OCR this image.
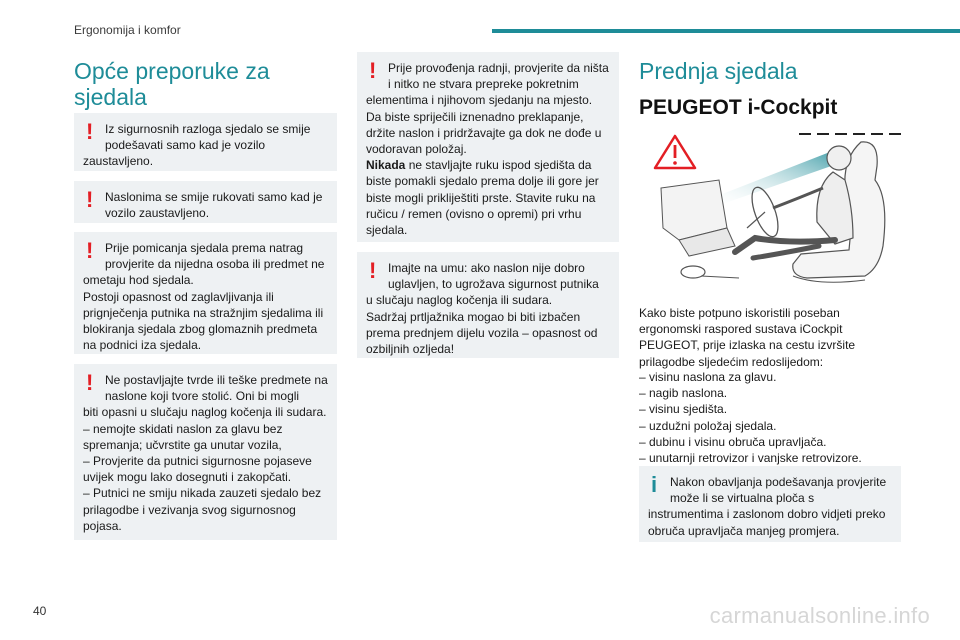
Ergonomija i komfor
Opće preporuke za sjedala
! Iz sigurnosnih razloga sjedalo se smije podešavati samo kad je vozilo

zaustavljeno.

! Naslonima se smije rukovati samo kad je vozilo zaustavljeno.

! Prije pomicanja sjedala prema natrag provjerite da nijedna osoba ili predmet ne

ometaju hod sjedala.

Postoji opasnost od zaglavljivanja ili prignječenja putnika na stražnjim sjedalima ili blokiranja sjedala zbog glomaznih predmeta na podnici iza sjedala.

! Ne postavljajte tvrde ili teške predmete na naslone koji tvore stolić. Oni bi mogli

biti opasni u slučaju naglog kočenja ili sudara.

– nemojte skidati naslon za glavu bez spremanja; učvrstite ga unutar vozila,

– Provjerite da putnici sigurnosne pojaseve uvijek mogu lako dosegnuti i zakopčati.

– Putnici ne smiju nikada zauzeti sjedalo bez prilagodbe i vezivanja svog sigurnosnog pojasa.

! Prije provođenja radnji, provjerite da ništa i nitko ne stvara prepreke pokretnim

elementima i njihovom sjedanju na mjesto.

Da biste spriječili iznenadno preklapanje, držite naslon i pridržavajte ga dok ne dođe u vodoravan položaj.

Nikada ne stavljajte ruku ispod sjedišta da biste pomakli sjedalo prema dolje ili gore jer biste mogli prikliještiti prste. Stavite ruku na ručicu / remen (ovisno o opremi) pri vrhu sjedala.

! Imajte na umu: ako naslon nije dobro uglavljen, to ugrožava sigurnost putnika

u slučaju naglog kočenja ili sudara.

Sadržaj prtljažnika mogao bi biti izbačen prema prednjem dijelu vozila – opasnost od ozbiljnih ozljeda!

Prednja sjedala
PEUGEOT i-Cockpit

Kako biste potpuno iskoristili poseban ergonomski raspored sustava iCockpit PEUGEOT, prije izlaska na cestu izvršite prilagodbe sljedećim redoslijedom:

– visinu naslona za glavu.
– nagib naslona.
– visinu sjedišta.
– uzdužni položaj sjedala.
– dubinu i visinu obruča upravljača.
– unutarnji retrovizor i vanjske retrovizore.
i	Nakon obavljanja podešavanja provjerite može li se virtualna ploča s

instrumentima i zaslonom dobro vidjeti preko obruča upravljača manjeg promjera.

40	carmanualsonline.info
